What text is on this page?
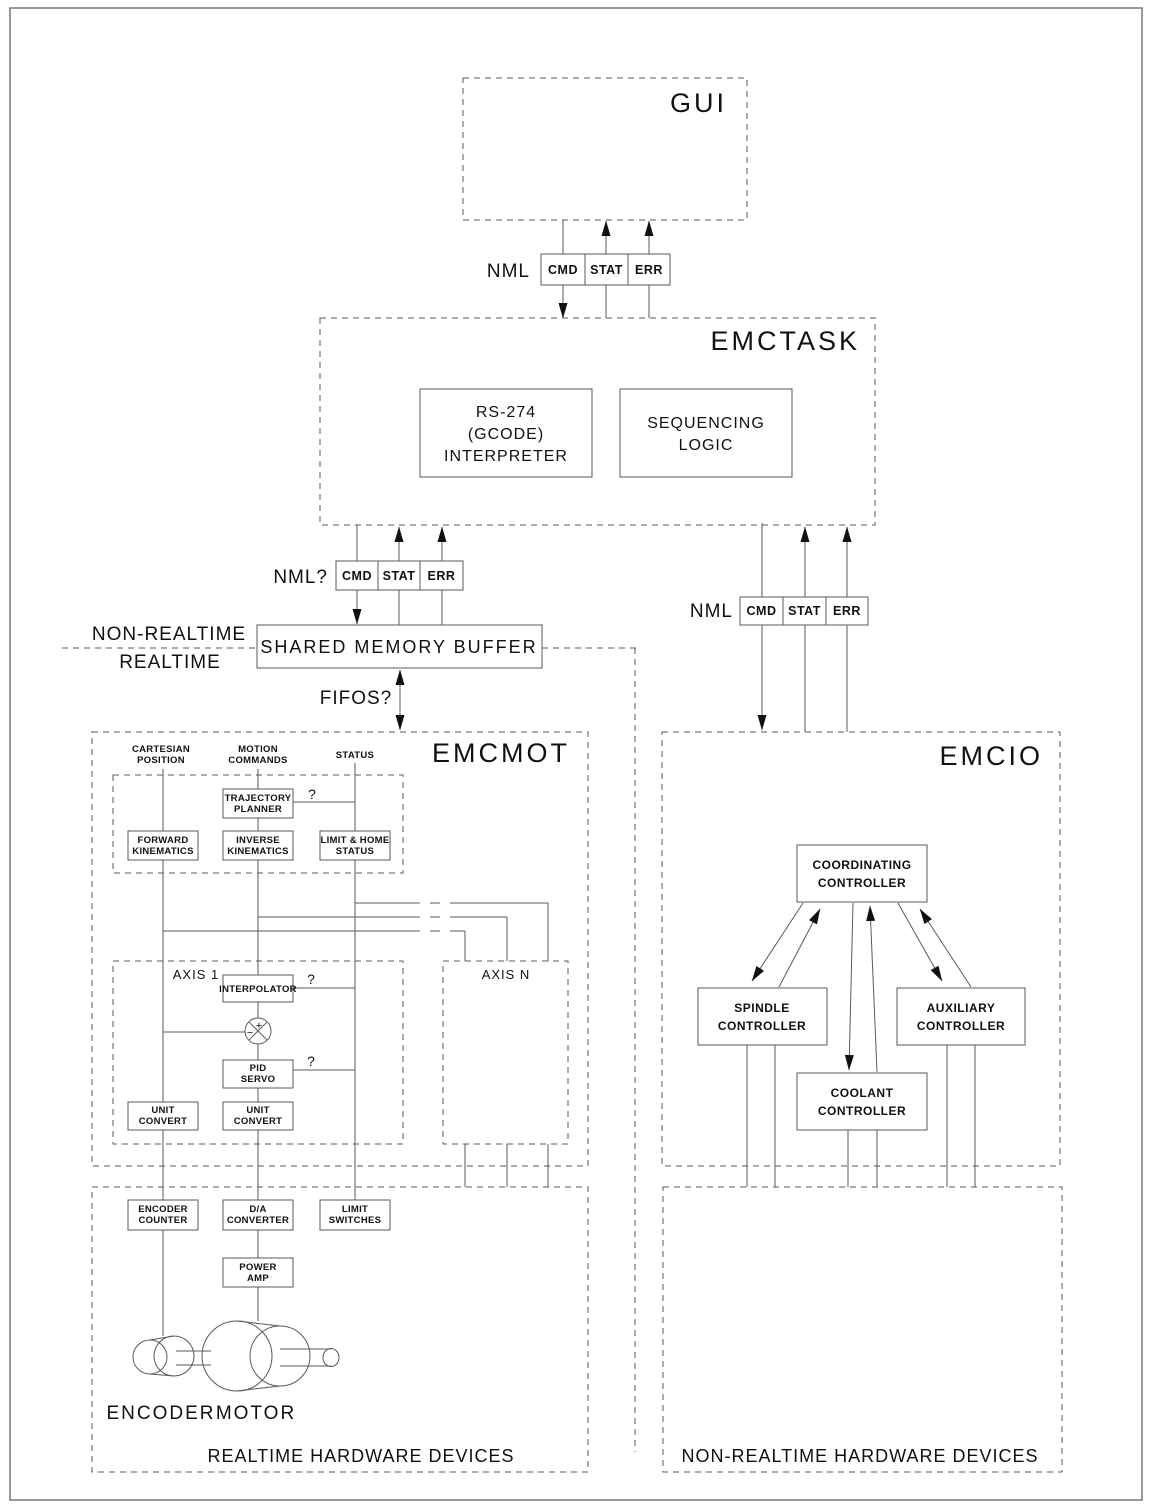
GUI
EMCTASK
NML CMD STAT ERR
RS-274
(GCODE)
INTERPRETER
SEQUENCING
LOGIC
NML? CMD STAT ERR
NML CMD STAT ERR
NON-REALTIME
REALTIME
SHARED MEMORY BUFFER
FIFOS?
EMCMOT
CARTESIAN
POSITION
MOTION
COMMANDS	STATUS
TRAJECTORY
PLANNER
?
FORWARD
KINEMATICS
INVERSE
KINEMATICS
LIMIT & HOME
STATUS
AXIS 1	AXIS N
INTERPOLATOR
?
+
−
PID
SERVO
?
UNIT
CONVERT
UNIT
CONVERT
EMCIO
COORDINATING
CONTROLLER
SPINDLE
CONTROLLER
AUXILIARY
CONTROLLER
COOLANT
CONTROLLER
ENCODER
COUNTER
D/A
CONVERTER
LIMIT
SWITCHES
POWER
AMP
ENCODER MOTOR
REALTIME HARDWARE DEVICES	NON-REALTIME HARDWARE DEVICES
